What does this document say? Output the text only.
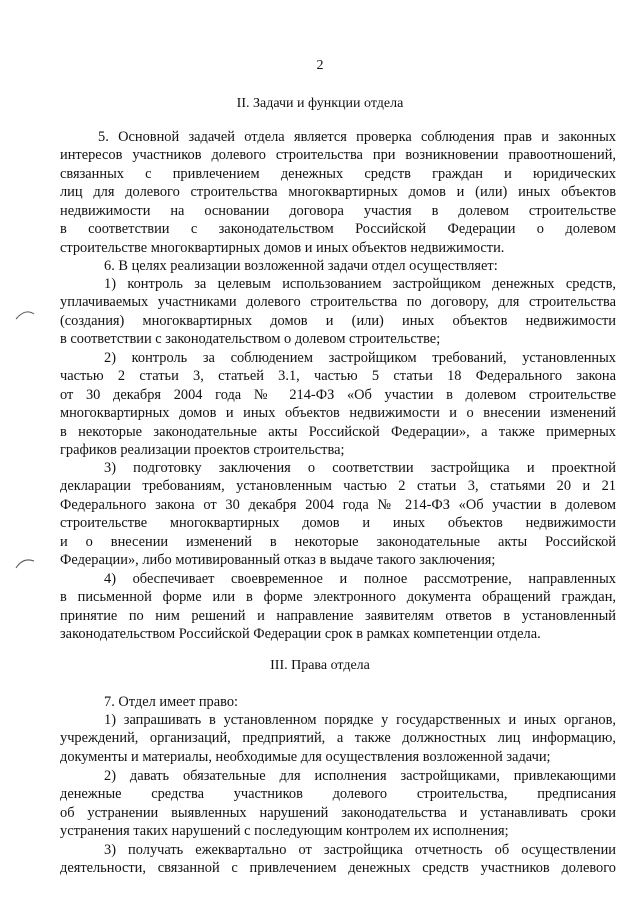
2
II. Задачи и функции отдела
5. Основной задачей отдела является проверка соблюдения прав и законных
интересов участников долевого строительства при возникновении правоотношений,
связанных с привлечением денежных средств граждан и юридических
лиц для долевого строительства многоквартирных домов и (или) иных объектов
недвижимости на основании договора участия в долевом строительстве
в соответствии с законодательством Российской Федерации о долевом
строительстве многоквартирных домов и иных объектов недвижимости.
6. В целях реализации возложенной задачи отдел осуществляет:
1) контроль за целевым использованием застройщиком денежных средств,
уплачиваемых участниками долевого строительства по договору, для строительства
(создания) многоквартирных домов и (или) иных объектов недвижимости
в соответствии с законодательством о долевом строительстве;
2) контроль за соблюдением застройщиком требований, установленных
частью 2 статьи 3, статьей 3.1, частью 5 статьи 18 Федерального закона
от 30 декабря 2004 года № 214-ФЗ «Об участии в долевом строительстве
многоквартирных домов и иных объектов недвижимости и о внесении изменений
в некоторые законодательные акты Российской Федерации», а также примерных
графиков реализации проектов строительства;
3) подготовку заключения о соответствии застройщика и проектной
декларации требованиям, установленным частью 2 статьи 3, статьями 20 и 21
Федерального закона от 30 декабря 2004 года № 214-ФЗ «Об участии в долевом
строительстве многоквартирных домов и иных объектов недвижимости
и о внесении изменений в некоторые законодательные акты Российской
Федерации», либо мотивированный отказ в выдаче такого заключения;
4) обеспечивает своевременное и полное рассмотрение, направленных
в письменной форме или в форме электронного документа обращений граждан,
принятие по ним решений и направление заявителям ответов в установленный
законодательством Российской Федерации срок в рамках компетенции отдела.
III. Права отдела
7. Отдел имеет право:
1) запрашивать в установленном порядке у государственных и иных органов,
учреждений, организаций, предприятий, а также должностных лиц информацию,
документы и материалы, необходимые для осуществления возложенной задачи;
2) давать обязательные для исполнения застройщиками, привлекающими
денежные средства участников долевого строительства, предписания
об устранении выявленных нарушений законодательства и устанавливать сроки
устранения таких нарушений с последующим контролем их исполнения;
3) получать ежеквартально от застройщика отчетность об осуществлении
деятельности, связанной с привлечением денежных средств участников долевого
